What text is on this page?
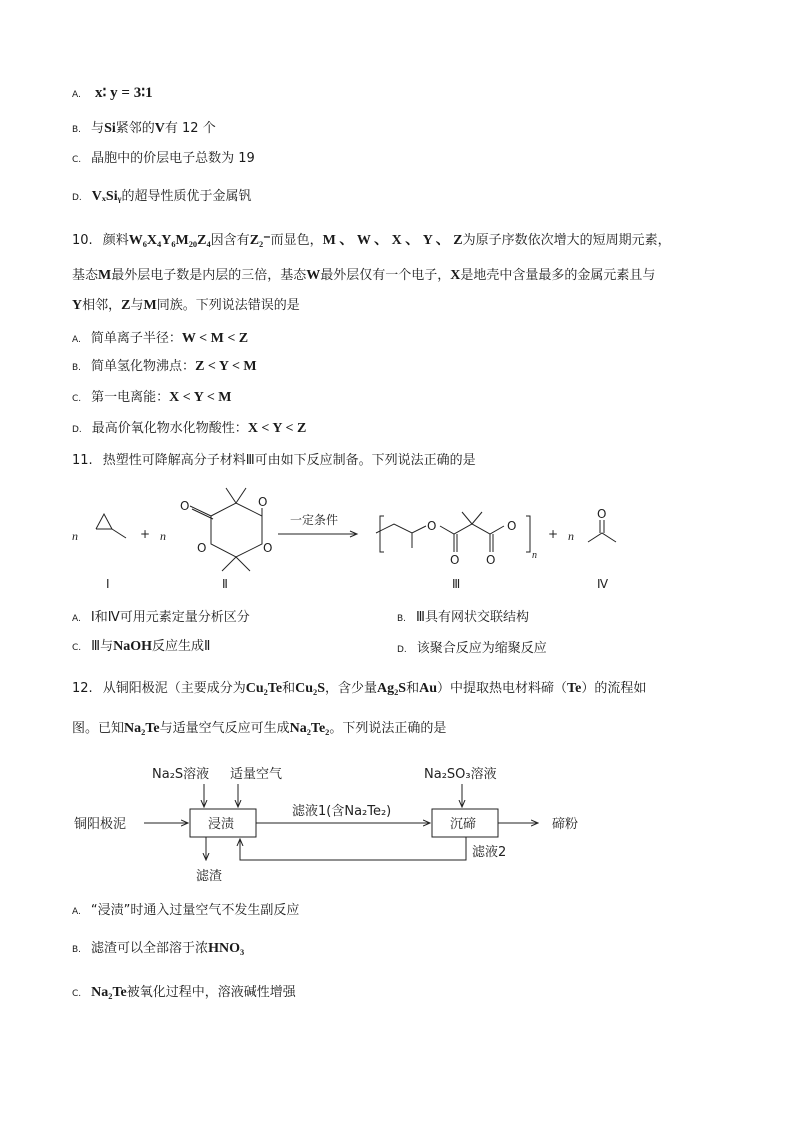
A. x∶ y = 3∶1
B. 与Si紧邻的V有 12 个
C. 晶胞中的价层电子总数为 19
D. VₓSiᵧ的超导性质优于金属钒
10. 颜料W₆X₄Y₆M₂₀Z₄因含有Z₂⁻而显色，M 、 W 、 X 、 Y 、 Z为原子序数依次增大的短周期元素，
基态M最外层电子数是内层的三倍，基态W最外层仅有一个电子，X是地壳中含量最多的金属元素且与
Y相邻，Z与M同族。下列说法错误的是
A. 简单离子半径：W < M < Z
B. 简单氢化物沸点：Z < Y < M
C. 第一电离能：X < Y < M
D. 最高价氧化物水化物酸性：X < Y < Z
11. 热塑性可降解高分子材料Ⅲ可由如下反应制备。下列说法正确的是
n	+ n
O	O
O	O
一定条件	O
O O
O
n
+ n
O
Ⅰ	Ⅱ	Ⅲ	Ⅳ
A. Ⅰ和Ⅳ可用元素定量分析区分	B. Ⅲ具有网状交联结构
C. Ⅲ与NaOH反应生成Ⅱ	D. 该聚合反应为缩聚反应
12. 从铜阳极泥（主要成分为Cu₂Te和Cu₂S，含少量Ag₂S和Au）中提取热电材料碲（Te）的流程如
图。已知Na₂Te与适量空气反应可生成Na₂Te₂。下列说法正确的是
铜阳极泥
Na₂S溶液 适量空气
浸渍
滤渣
滤液1(含Na₂Te₂)
Na₂SO₃溶液
沉碲	碲粉
滤液2
A. “浸渍”时通入过量空气不发生副反应
B. 滤渣可以全部溶于浓HNO₃
C. Na₂Te被氧化过程中，溶液碱性增强
